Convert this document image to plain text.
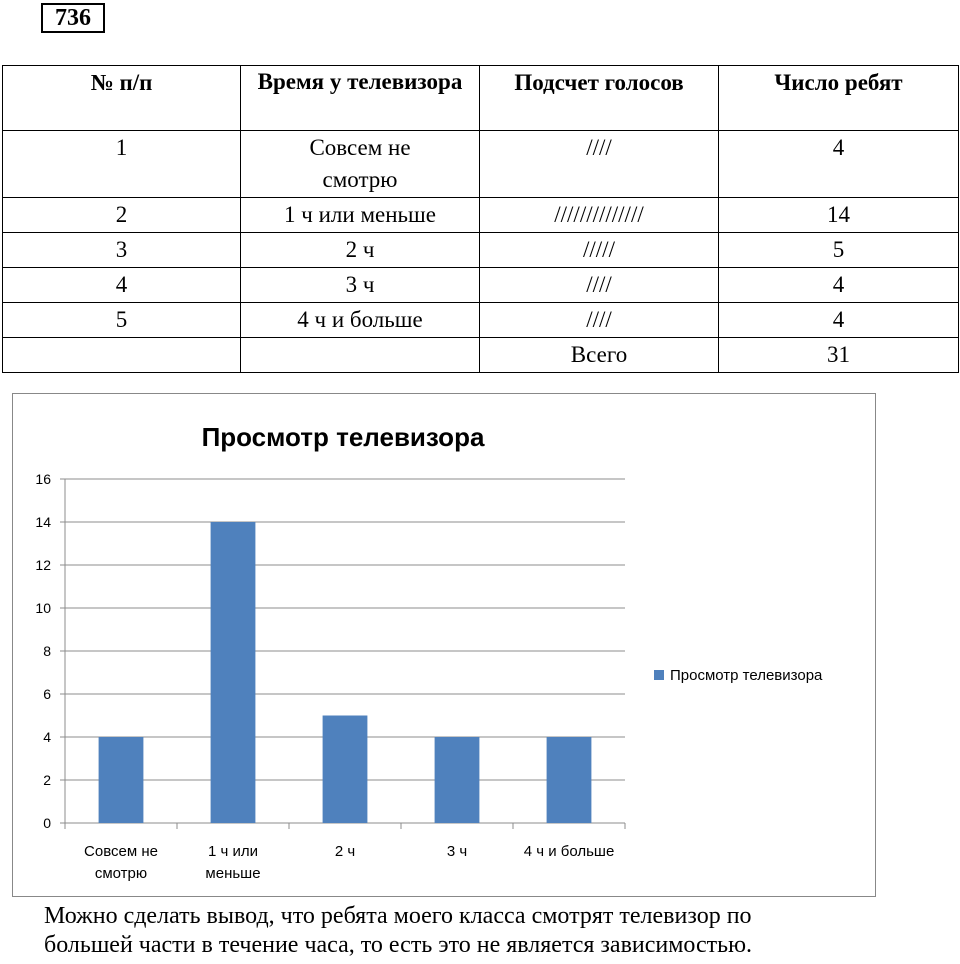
736
№ п/п	Время у телевизора	Подсчет голосов	Число ребят
1	Совсем не смотрю	////	4
2	1 ч или меньше	//////////////	14
3	2 ч	/////	5
4	3 ч	////	4
5	4 ч и больше	////	4
		Всего	31
Просмотр телевизора
0
2
4
6
8
10
12
14
16
Совсем не смотрю
1 ч или меньше
2 ч	3 ч	4 ч и больше
Просмотр телевизора

Можно сделать вывод, что ребята моего класса смотрят телевизор по

большей части в течение часа, то есть это не является зависимостью.
